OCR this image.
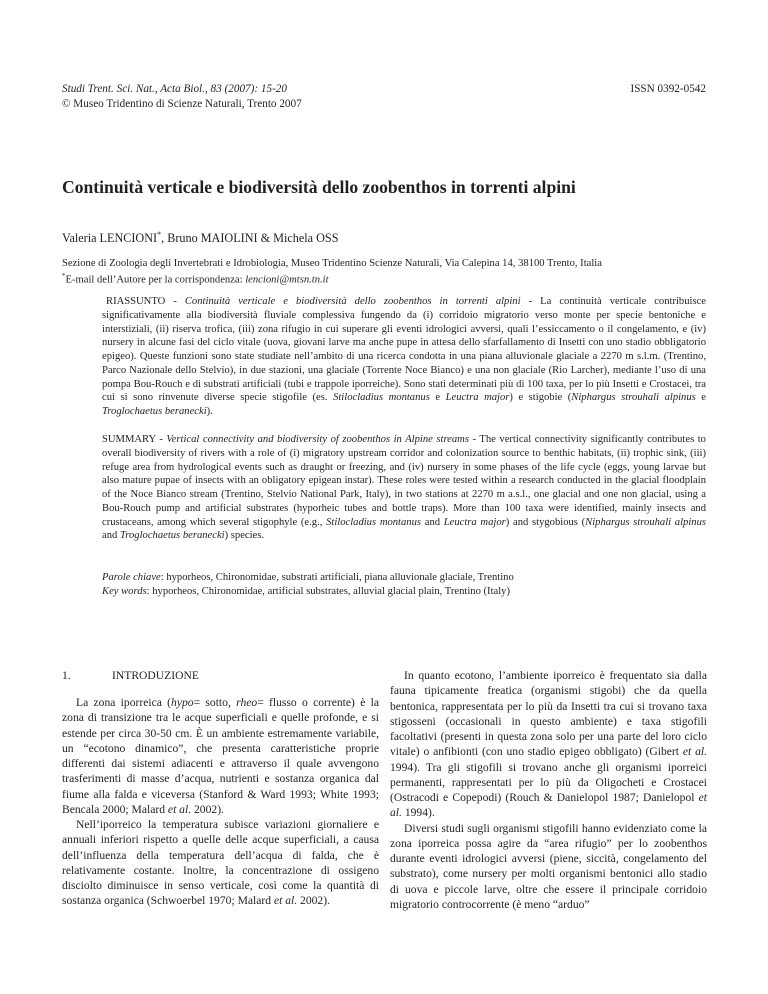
Studi Trent. Sci. Nat., Acta Biol., 83 (2007): 15-20
© Museo Tridentino di Scienze Naturali, Trento 2007
ISSN 0392-0542
Continuità verticale e biodiversità dello zoobenthos in torrenti alpini
Valeria LENCIONI*, Bruno MAIOLINI & Michela OSS
Sezione di Zoologia degli Invertebrati e Idrobiologia, Museo Tridentino Scienze Naturali, Via Calepina 14, 38100 Trento, Italia
*E-mail dell’Autore per la corrispondenza: lencioni@mtsn.tn.it

RIASSUNTO - Continuità verticale e biodiversità dello zoobenthos in torrenti alpini - La continuità verticale contribuisce significativamente alla biodiversità fluviale complessiva fungendo da (i) corridoio migratorio verso monte per specie bentoniche e interstiziali, (ii) riserva trofica, (iii) zona rifugio in cui superare gli eventi idrologici avversi, quali l’essiccamento o il congelamento, e (iv) nursery in alcune fasi del ciclo vitale (uova, giovani larve ma anche pupe in attesa dello sfarfallamento di Insetti con uno stadio obbligatorio epigeo). Queste funzioni sono state studiate nell’ambito di una ricerca condotta in una piana alluvionale glaciale a 2270 m s.l.m. (Trentino, Parco Nazionale dello Stelvio), in due stazioni, una glaciale (Torrente Noce Bianco) e una non glaciale (Rio Larcher), mediante l’uso di una pompa Bou-Rouch e di substrati artificiali (tubi e trappole iporreiche). Sono stati determinati più di 100 taxa, per lo più Insetti e Crostacei, tra cui si sono rinvenute diverse specie stigofile (es. Stilocladius montanus e Leuctra major) e stigobie (Niphargus strouhali alpinus e Troglochaetus beranecki).

SUMMARY - Vertical connectivity and biodiversity of zoobenthos in Alpine streams - The vertical connectivity significantly contributes to overall biodiversity of rivers with a role of (i) migratory upstream corridor and colonization source to benthic habitats, (ii) trophic sink, (iii) refuge area from hydrological events such as draught or freezing, and (iv) nursery in some phases of the life cycle (eggs, young larvae but also mature pupae of insects with an obligatory epigean instar). These roles were tested within a research conducted in the glacial floodplain of the Noce Bianco stream (Trentino, Stelvio National Park, Italy), in two stations at 2270 m a.s.l., one glacial and one non glacial, using a Bou-Rouch pump and artificial substrates (hyporheic tubes and bottle traps). More than 100 taxa were identified, mainly insects and crustaceans, among which several stigophyle (e.g., Stilocladius montanus and Leuctra major) and stygobious (Niphargus strouhali alpinus and Troglochaetus beranecki) species.

Parole chiave: hyporheos, Chironomidae, substrati artificiali, piana alluvionale glaciale, Trentino
Key words: hyporheos, Chironomidae, artificial substrates, alluvial glacial plain, Trentino (Italy)
1.	INTRODUZIONE

La zona iporreica (hypo= sotto, rheo= flusso o corrente) è la zona di transizione tra le acque superficiali e quelle profonde, e si estende per circa 30-50 cm. È un ambiente estremamente variabile, un “ecotono dinamico”, che presenta caratteristiche proprie differenti dai sistemi adiacenti e attraverso il quale avvengono trasferimenti di masse d’acqua, nutrienti e sostanza organica dal fiume alla falda e viceversa (Stanford & Ward 1993; White 1993; Bencala 2000; Malard et al. 2002).

Nell’iporreico la temperatura subisce variazioni giornaliere e annuali inferiori rispetto a quelle delle acque superficiali, a causa dell’influenza della temperatura dell’acqua di falda, che è relativamente costante. Inoltre, la concentrazione di ossigeno disciolto diminuisce in senso verticale, così come la quantità di sostanza organica (Schwoerbel 1970; Malard et al. 2002).

In quanto ecotono, l’ambiente iporreico è frequentato sia dalla fauna tipicamente freatica (organismi stigobi) che da quella bentonica, rappresentata per lo più da Insetti tra cui si trovano taxa stigosseni (occasionali in questo ambiente) e taxa stigofili facoltativi (presenti in questa zona solo per una parte del loro ciclo vitale) o anfibionti (con uno stadio epigeo obbligato) (Gibert et al. 1994). Tra gli stigofili si trovano anche gli organismi iporreici permanenti, rappresentati per lo più da Oligocheti e Crostacei (Ostracodi e Copepodi) (Rouch & Danielopol 1987; Danielopol et al. 1994).

Diversi studi sugli organismi stigofili hanno evidenziato come la zona iporreica possa agire da “area rifugio” per lo zoobenthos durante eventi idrologici avversi (piene, siccità, congelamento del substrato), come nursery per molti organismi bentonici allo stadio di uova e piccole larve, oltre che essere il principale corridoio migratorio controcorrente (è meno “arduo”
